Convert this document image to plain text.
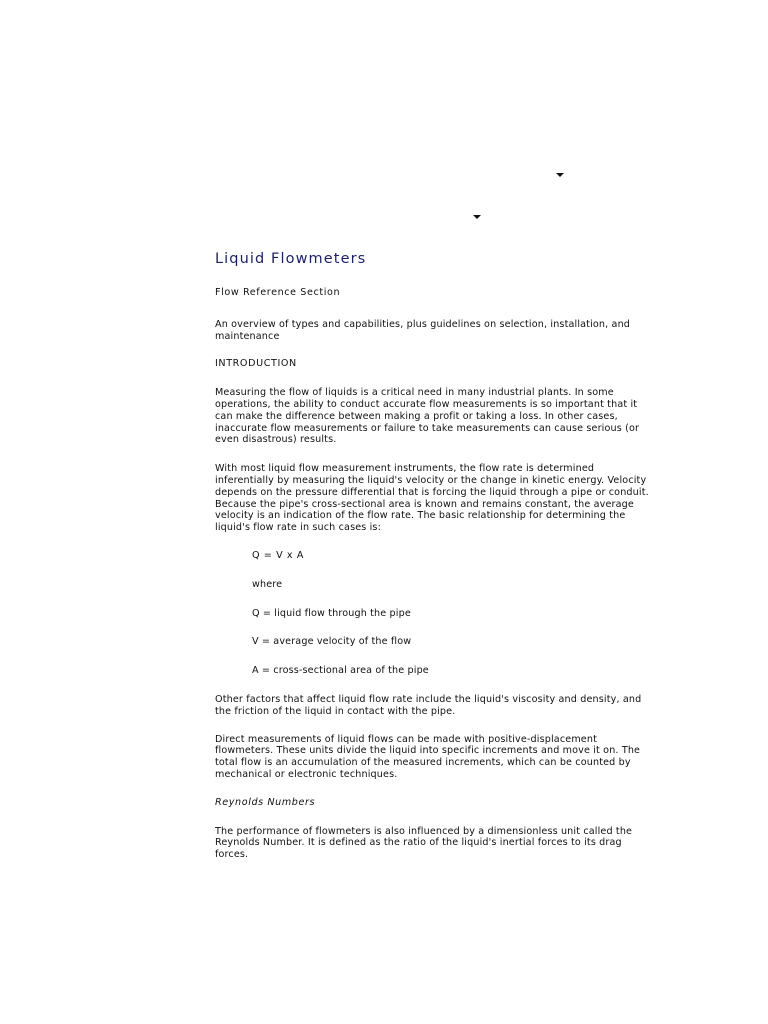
Liquid Flowmeters

Flow Reference Section

An overview of types and capabilities, plus guidelines on selection, installation, and maintenance

INTRODUCTION

Measuring the flow of liquids is a critical need in many industrial plants. In some operations, the ability to conduct accurate flow measurements is so important that it can make the difference between making a profit or taking a loss. In other cases, inaccurate flow measurements or failure to take measurements can cause serious (or even disastrous) results.

With most liquid flow measurement instruments, the flow rate is determined inferentially by measuring the liquid's velocity or the change in kinetic energy. Velocity depends on the pressure differential that is forcing the liquid through a pipe or conduit. Because the pipe's cross-sectional area is known and remains constant, the average velocity is an indication of the flow rate. The basic relationship for determining the liquid's flow rate in such cases is:

Q = V x A

where

Q = liquid flow through the pipe

V = average velocity of the flow

A = cross-sectional area of the pipe

Other factors that affect liquid flow rate include the liquid's viscosity and density, and the friction of the liquid in contact with the pipe.

Direct measurements of liquid flows can be made with positive-displacement flowmeters. These units divide the liquid into specific increments and move it on. The total flow is an accumulation of the measured increments, which can be counted by mechanical or electronic techniques.

Reynolds Numbers

The performance of flowmeters is also influenced by a dimensionless unit called the Reynolds Number. It is defined as the ratio of the liquid's inertial forces to its drag forces.
